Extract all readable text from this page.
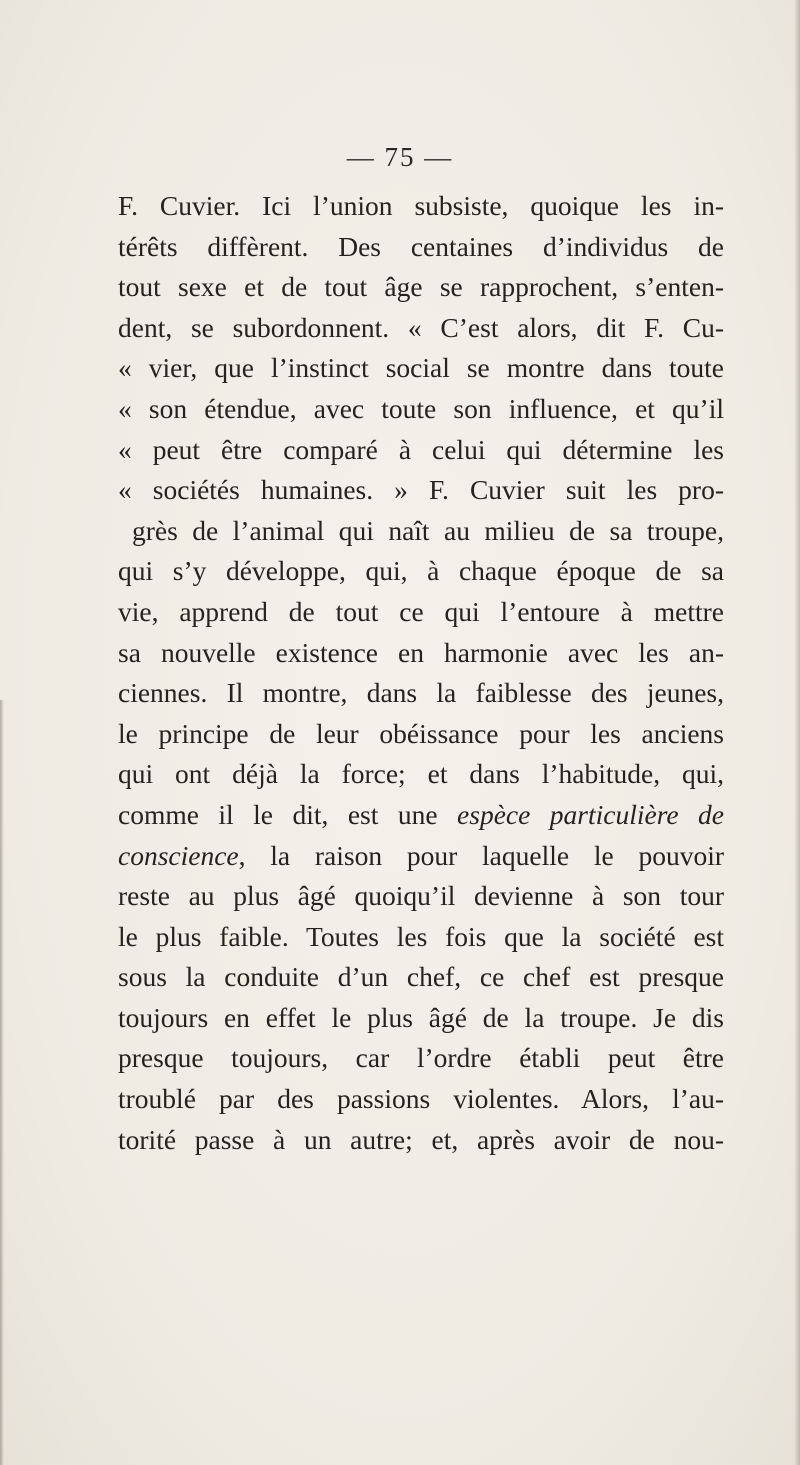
— 75 —
F. Cuvier. Ici l’union subsiste, quoique les in-
térêts diffèrent. Des centaines d’individus de
tout sexe et de tout âge se rapprochent, s’enten-
dent, se subordonnent. « C’est alors, dit F. Cu-
« vier, que l’instinct social se montre dans toute
« son étendue, avec toute son influence, et qu’il
« peut être comparé à celui qui détermine les
« sociétés humaines. » F. Cuvier suit les pro-
grès de l’animal qui naît au milieu de sa troupe,
qui s’y développe, qui, à chaque époque de sa
vie, apprend de tout ce qui l’entoure à mettre
sa nouvelle existence en harmonie avec les an-
ciennes. Il montre, dans la faiblesse des jeunes,
le principe de leur obéissance pour les anciens
qui ont déjà la force; et dans l’habitude, qui,
comme il le dit, est une espèce particulière de
conscience, la raison pour laquelle le pouvoir
reste au plus âgé quoiqu’il devienne à son tour
le plus faible. Toutes les fois que la société est
sous la conduite d’un chef, ce chef est presque
toujours en effet le plus âgé de la troupe. Je dis
presque toujours, car l’ordre établi peut être
troublé par des passions violentes. Alors, l’au-
torité passe à un autre; et, après avoir de nou-
